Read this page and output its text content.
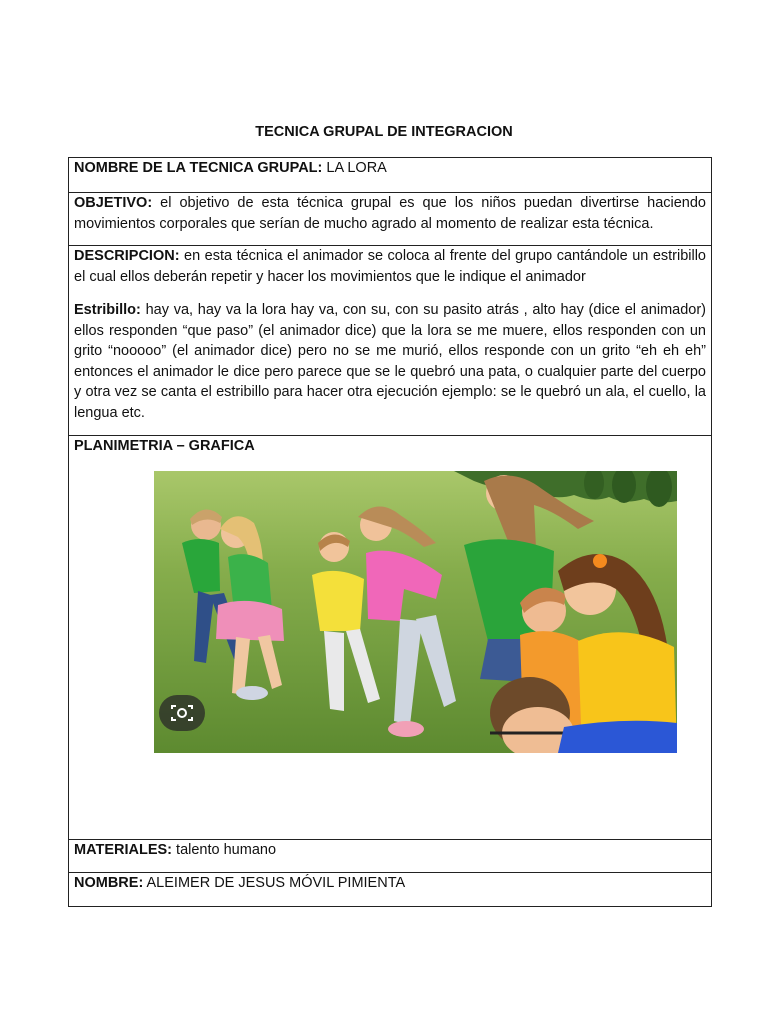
TECNICA GRUPAL DE INTEGRACION
NOMBRE DE LA TECNICA GRUPAL: LA LORA
OBJETIVO: el objetivo de esta técnica grupal es que los niños puedan divertirse haciendo movimientos corporales que serían de mucho agrado al momento de realizar esta técnica.

DESCRIPCION: en esta técnica el animador se coloca al frente del grupo cantándole un estribillo el cual ellos deberán repetir y hacer los movimientos que le indique el animador
Estribillo: hay va, hay va la lora hay va, con su, con su pasito atrás , alto hay (dice el animador) ellos responden “que paso” (el animador dice) que la lora se me muere, ellos responden con un grito “nooooo” (el animador dice) pero no se me murió, ellos responde con un grito “eh eh eh” entonces el animador le dice pero parece que se le quebró una pata, o cualquier parte del cuerpo y otra vez se canta el estribillo para hacer otra ejecución ejemplo: se le quebró un ala, el cuello, la lengua etc.

PLANIMETRIA – GRAFICA

MATERIALES: talento humano
NOMBRE: ALEIMER DE JESUS MÓVIL PIMIENTA
